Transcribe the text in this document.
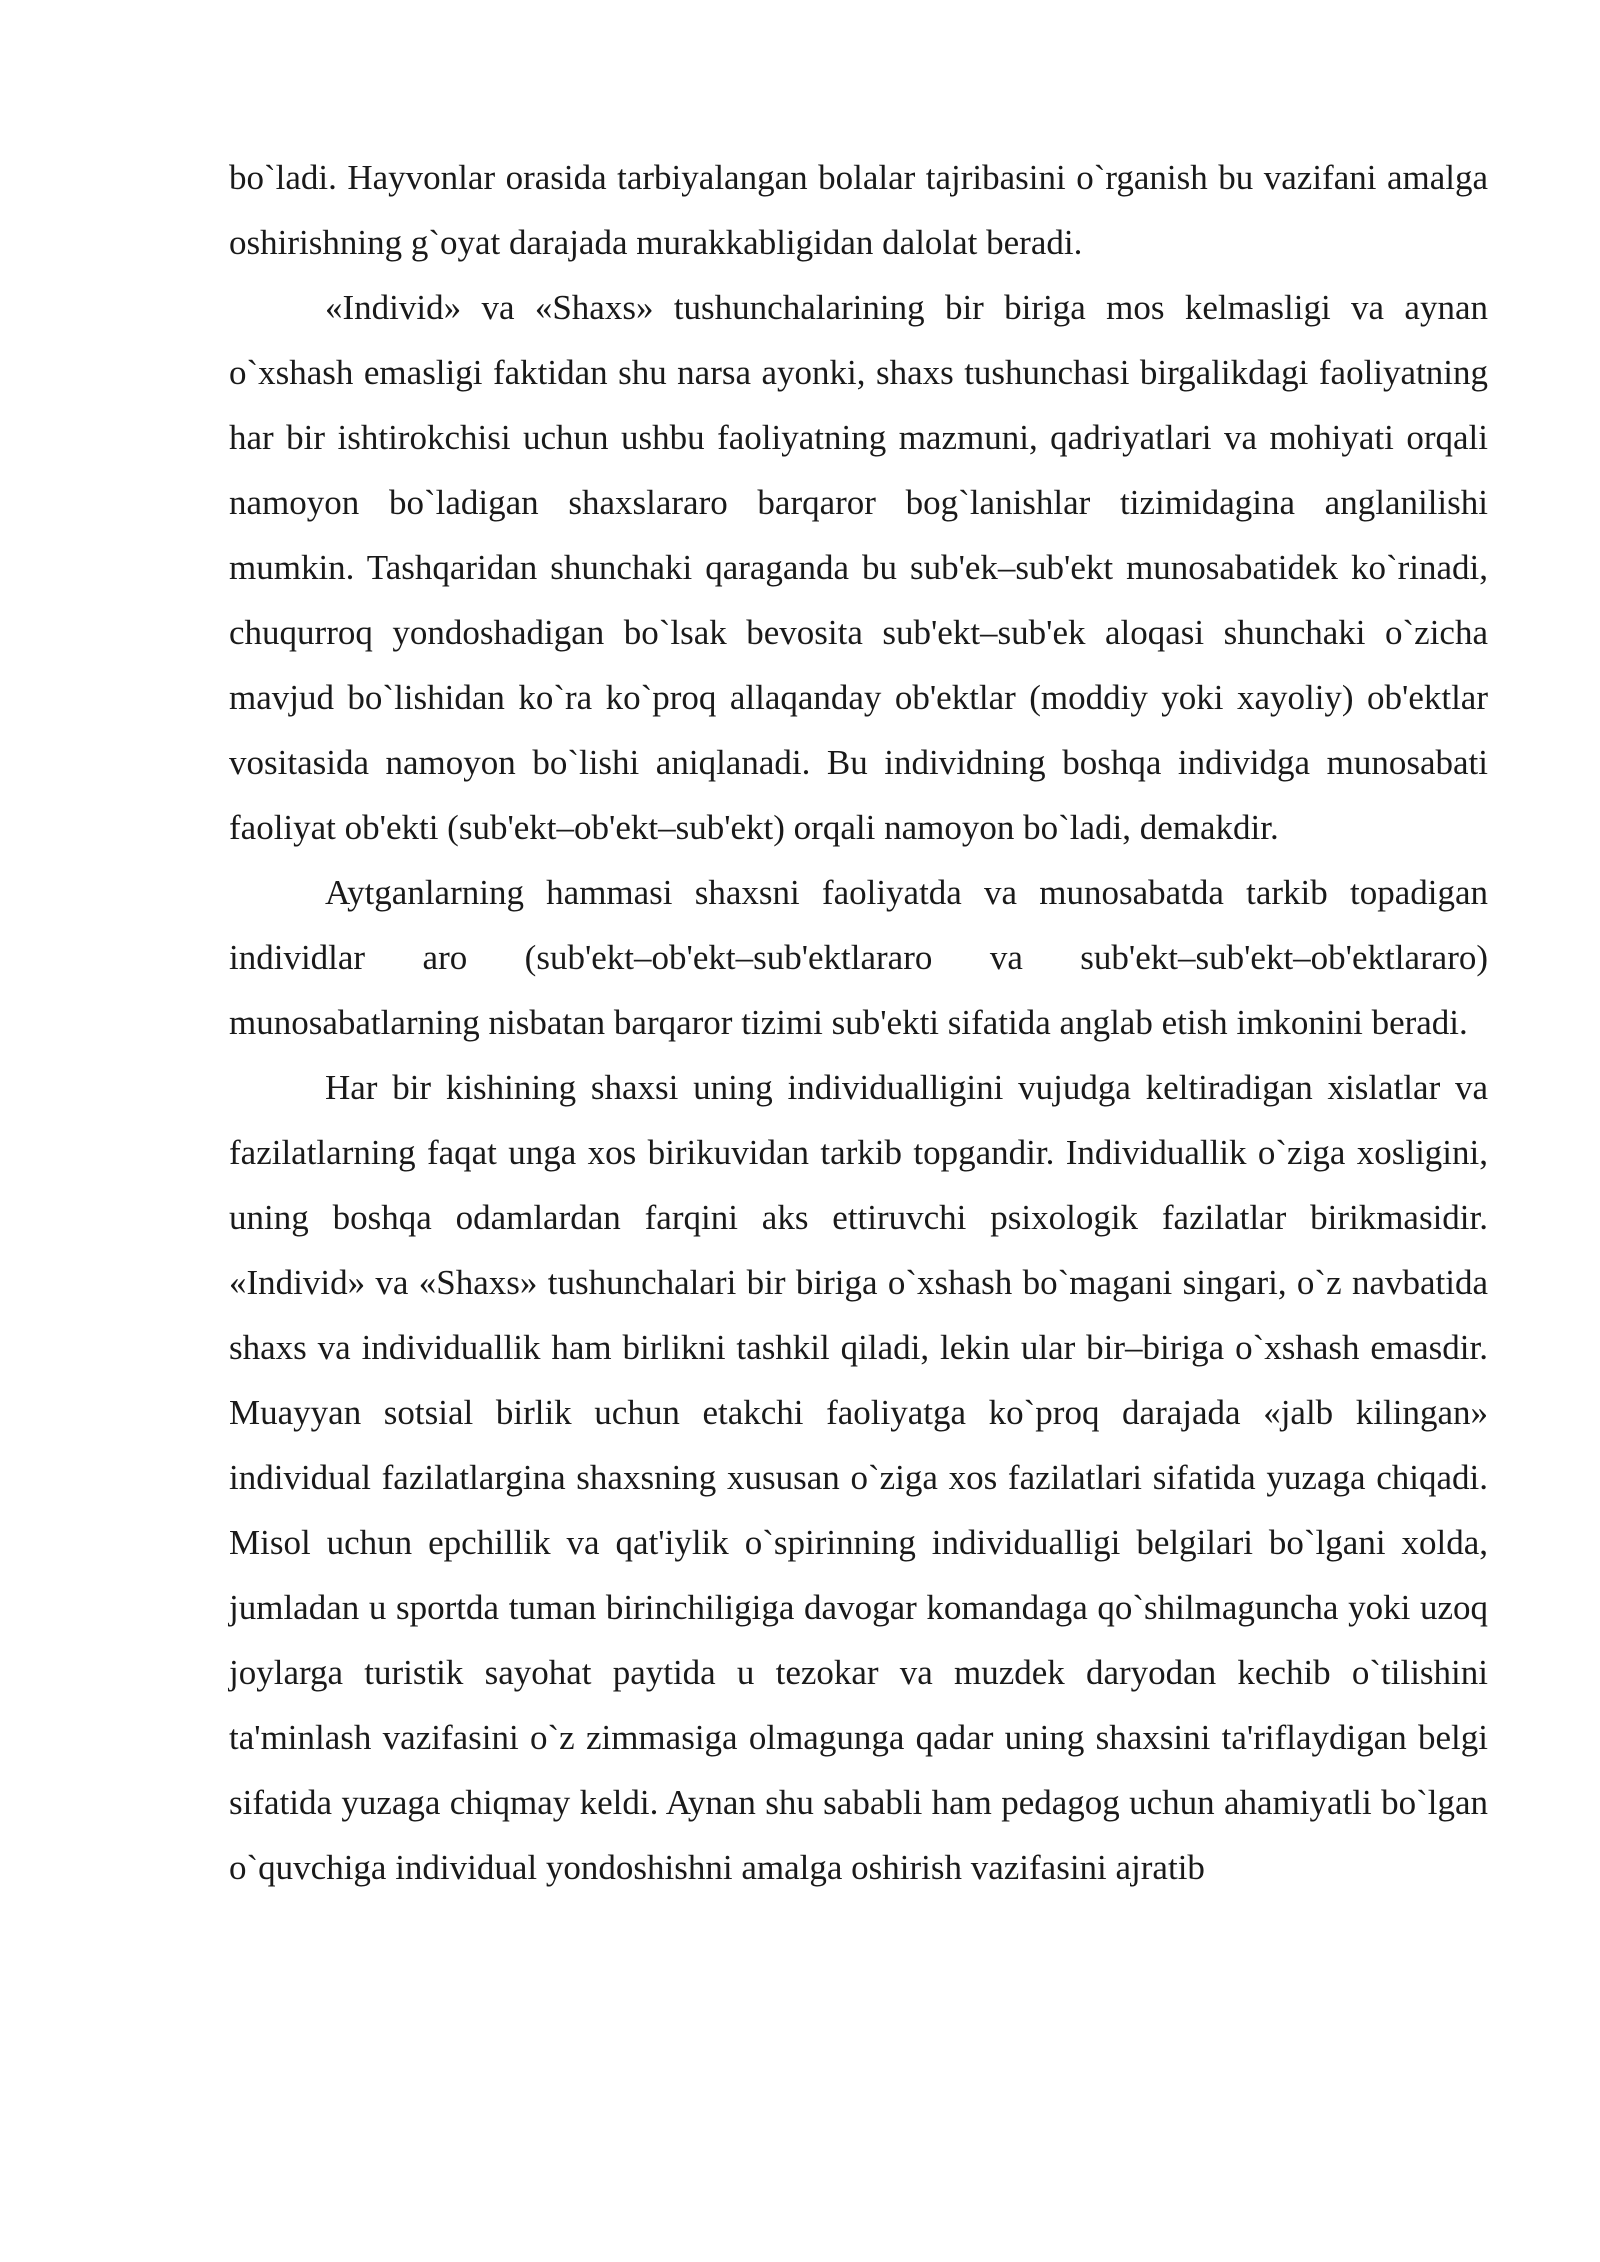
bo`ladi. Hayvonlar orasida tarbiyalangan bolalar tajribasini o`rganish bu vazifani amalga oshirishning g`oyat darajada murakkabligidan dalolat beradi.

«Individ» va «Shaxs» tushunchalarining bir biriga mos kelmasligi va aynan o`xshash emasligi faktidan shu narsa ayonki, shaxs tushunchasi birgalikdagi faoliyatning har bir ishtirokchisi uchun ushbu faoliyatning mazmuni, qadriyatlari va mohiyati orqali namoyon bo`ladigan shaxslararo barqaror bog`lanishlar tizimidagina anglanilishi mumkin. Tashqaridan shunchaki qaraganda bu sub'ek–sub'ekt munosabatidek ko`rinadi, chuqurroq yondoshadigan bo`lsak bevosita sub'ekt–sub'ek aloqasi shunchaki o`zicha mavjud bo`lishidan ko`ra ko`proq allaqanday ob'ektlar (moddiy yoki xayoliy) ob'ektlar vositasida namoyon bo`lishi aniqlanadi. Bu individning boshqa individga munosabati faoliyat ob'ekti (sub'ekt–ob'ekt–sub'ekt) orqali namoyon bo`ladi, demakdir.

Aytganlarning hammasi shaxsni faoliyatda va munosabatda tarkib topadigan individlar aro (sub'ekt–ob'ekt–sub'ektlararo va sub'ekt–sub'ekt–ob'ektlararo) munosabatlarning nisbatan barqaror tizimi sub'ekti sifatida anglab etish imkonini beradi.

Har bir kishining shaxsi uning individualligini vujudga keltiradigan xislatlar va fazilatlarning faqat unga xos birikuvidan tarkib topgandir. Individuallik o`ziga xosligini, uning boshqa odamlardan farqini aks ettiruvchi psixologik fazilatlar birikmasidir. «Individ» va «Shaxs» tushunchalari bir biriga o`xshash bo`magani singari, o`z navbatida shaxs va individuallik ham birlikni tashkil qiladi, lekin ular bir–biriga o`xshash emasdir. Muayyan sotsial birlik uchun etakchi faoliyatga ko`proq darajada «jalb kilingan» individual fazilatlargina shaxsning xususan o`ziga xos fazilatlari sifatida yuzaga chiqadi. Misol uchun epchillik va qat'iylik o`spirinning individualligi belgilari bo`lgani xolda, jumladan u sportda tuman birinchiligiga davogar komandaga qo`shilmaguncha yoki uzoq joylarga turistik sayohat paytida u tezokar va muzdek daryodan kechib o`tilishini ta'minlash vazifasini o`z zimmasiga olmagunga qadar uning shaxsini ta'riflaydigan belgi sifatida yuzaga chiqmay keldi. Aynan shu sababli ham pedagog uchun ahamiyatli bo`lgan o`quvchiga individual yondoshishni amalga oshirish vazifasini ajratib
